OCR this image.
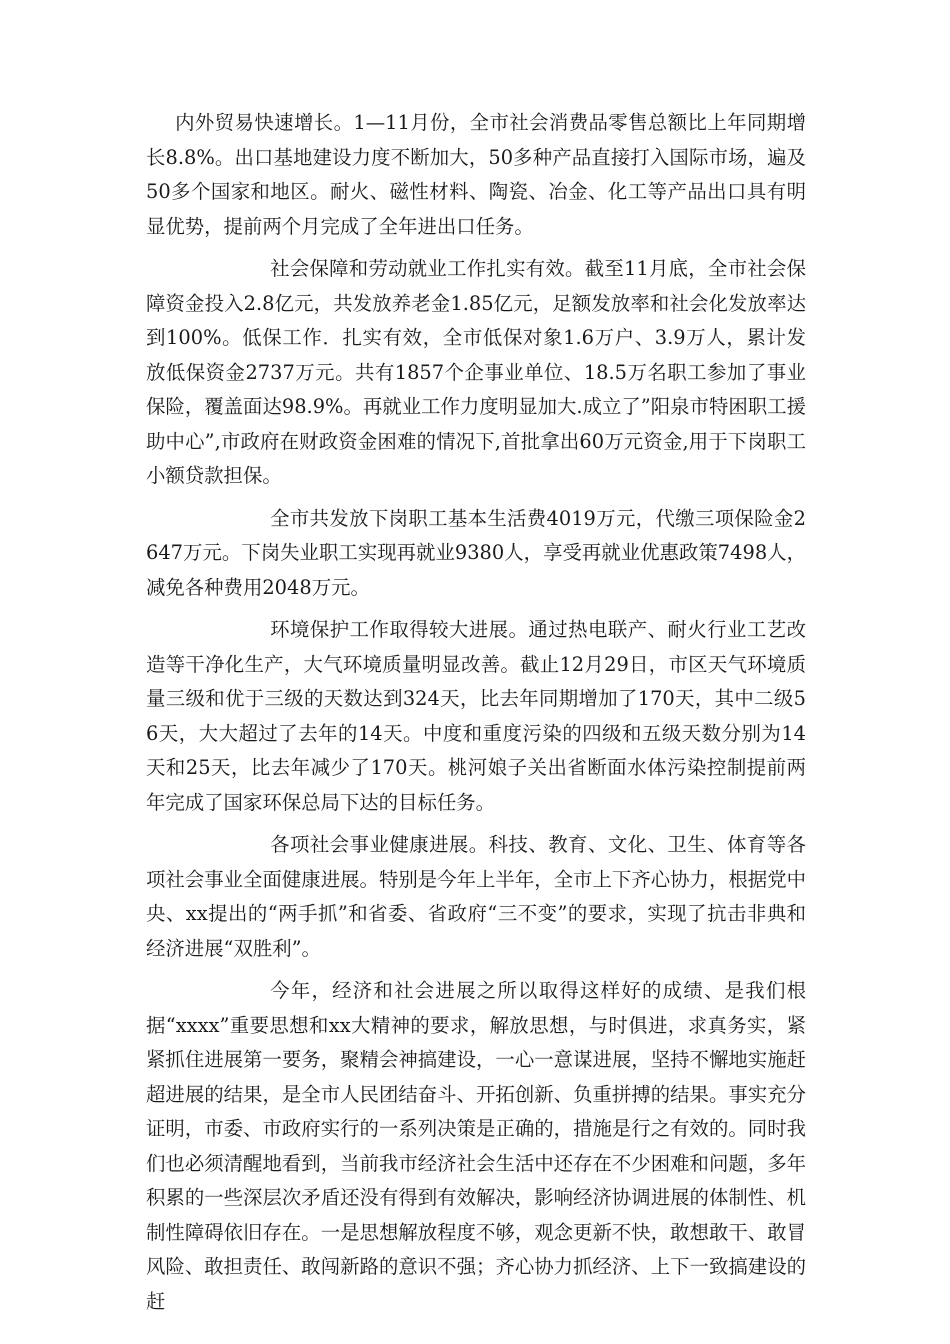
内外贸易快速增长。1—11月份，全市社会消费品零售总额比上年同期增长8.8%。出口基地建设力度不断加大，50多种产品直接打入国际市场，遍及50多个国家和地区。耐火、磁性材料、陶瓷、冶金、化工等产品出口具有明显优势，提前两个月完成了全年进出口任务。

社会保障和劳动就业工作扎实有效。截至11月底，全市社会保障资金投入2.8亿元，共发放养老金1.85亿元，足额发放率和社会化发放率达到100%。低保工作．扎实有效，全市低保对象1.6万户、3.9万人，累计发放低保资金2737万元。共有1857个企事业单位、18.5万名职工参加了事业保险，覆盖面达98.9%。再就业工作力度明显加大.成立了”阳泉市特困职工援助中心”,市政府在财政资金困难的情况下,首批拿出60万元资金,用于下岗职工小额贷款担保。

全市共发放下岗职工基本生活费4019万元，代缴三项保险金2647万元。下岗失业职工实现再就业9380人，享受再就业优惠政策7498人，减免各种费用2048万元。

环境保护工作取得较大进展。通过热电联产、耐火行业工艺改造等干净化生产，大气环境质量明显改善。截止12月29日，市区天气环境质量三级和优于三级的天数达到324天，比去年同期增加了170天，其中二级56天，大大超过了去年的14天。中度和重度污染的四级和五级天数分别为14天和25天，比去年减少了170天。桃河娘子关出省断面水体污染控制提前两年完成了国家环保总局下达的目标任务。

各项社会事业健康进展。科技、教育、文化、卫生、体育等各项社会事业全面健康进展。特别是今年上半年，全市上下齐心协力，根据党中央、xx提出的“两手抓”和省委、省政府“三不变”的要求，实现了抗击非典和经济进展“双胜利”。

今年，经济和社会进展之所以取得这样好的成绩、是我们根据“xxxx”重要思想和xx大精神的要求，解放思想，与时俱进，求真务实，紧紧抓住进展第一要务，聚精会神搞建设，一心一意谋进展，坚持不懈地实施赶超进展的结果，是全市人民团结奋斗、开拓创新、负重拼搏的结果。事实充分证明，市委、市政府实行的一系列决策是正确的，措施是行之有效的。同时我们也必须清醒地看到，当前我市经济社会生活中还存在不少困难和问题，多年积累的一些深层次矛盾还没有得到有效解决，影响经济协调进展的体制性、机制性障碍依旧存在。一是思想解放程度不够，观念更新不快，敢想敢干、敢冒风险、敢担责任、敢闯新路的意识不强；齐心协力抓经济、上下一致搞建设的赶
